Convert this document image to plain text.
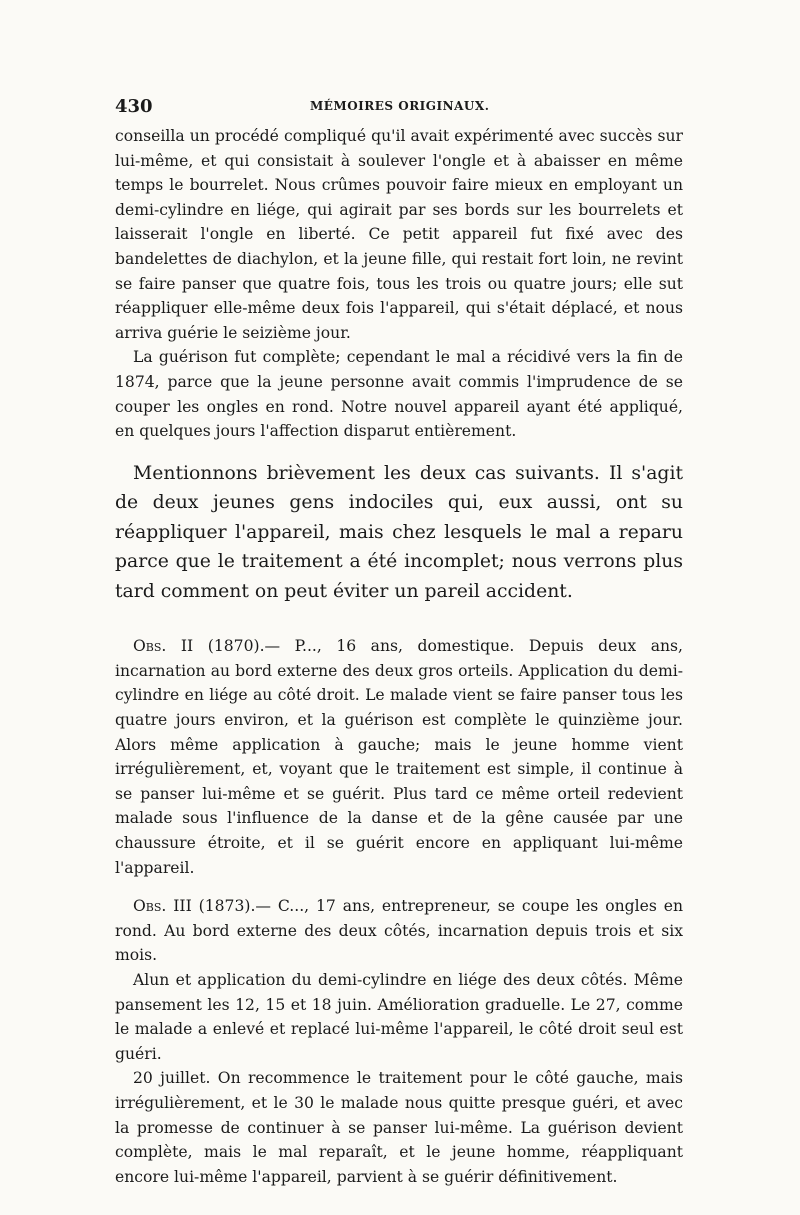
430	MÉMOIRES ORIGINAUX.

conseilla un procédé compliqué qu'il avait expérimenté avec succès sur lui-même, et qui consistait à soulever l'ongle et à abaisser en même temps le bourrelet. Nous crûmes pouvoir faire mieux en employant un demi-cylindre en liége, qui agirait par ses bords sur les bourrelets et laisserait l'ongle en liberté. Ce petit appareil fut fixé avec des bandelettes de diachylon, et la jeune fille, qui restait fort loin, ne revint se faire panser que quatre fois, tous les trois ou quatre jours; elle sut réappliquer elle-même deux fois l'appareil, qui s'était déplacé, et nous arriva guérie le seizième jour.

La guérison fut complète; cependant le mal a récidivé vers la fin de 1874, parce que la jeune personne avait commis l'imprudence de se couper les ongles en rond. Notre nouvel appareil ayant été appliqué, en quelques jours l'affection disparut entièrement.

Mentionnons brièvement les deux cas suivants. Il s'agit de deux jeunes gens indociles qui, eux aussi, ont su réappliquer l'appareil, mais chez lesquels le mal a reparu parce que le traitement a été incomplet; nous verrons plus tard comment on peut éviter un pareil accident.

Obs. II (1870).— P..., 16 ans, domestique. Depuis deux ans, incarnation au bord externe des deux gros orteils. Application du demi-cylindre en liége au côté droit. Le malade vient se faire panser tous les quatre jours environ, et la guérison est complète le quinzième jour. Alors même application à gauche; mais le jeune homme vient irrégulièrement, et, voyant que le traitement est simple, il continue à se panser lui-même et se guérit. Plus tard ce même orteil redevient malade sous l'influence de la danse et de la gêne causée par une chaussure étroite, et il se guérit encore en appliquant lui-même l'appareil.

Obs. III (1873).— C..., 17 ans, entrepreneur, se coupe les ongles en rond. Au bord externe des deux côtés, incarnation depuis trois et six mois.

Alun et application du demi-cylindre en liége des deux côtés. Même pansement les 12, 15 et 18 juin. Amélioration graduelle. Le 27, comme le malade a enlevé et replacé lui-même l'appareil, le côté droit seul est guéri.

20 juillet. On recommence le traitement pour le côté gauche, mais irrégulièrement, et le 30 le malade nous quitte presque guéri, et avec la promesse de continuer à se panser lui-même. La guérison devient complète, mais le mal reparaît, et le jeune homme, réappliquant encore lui-même l'appareil, parvient à se guérir définitivement.
